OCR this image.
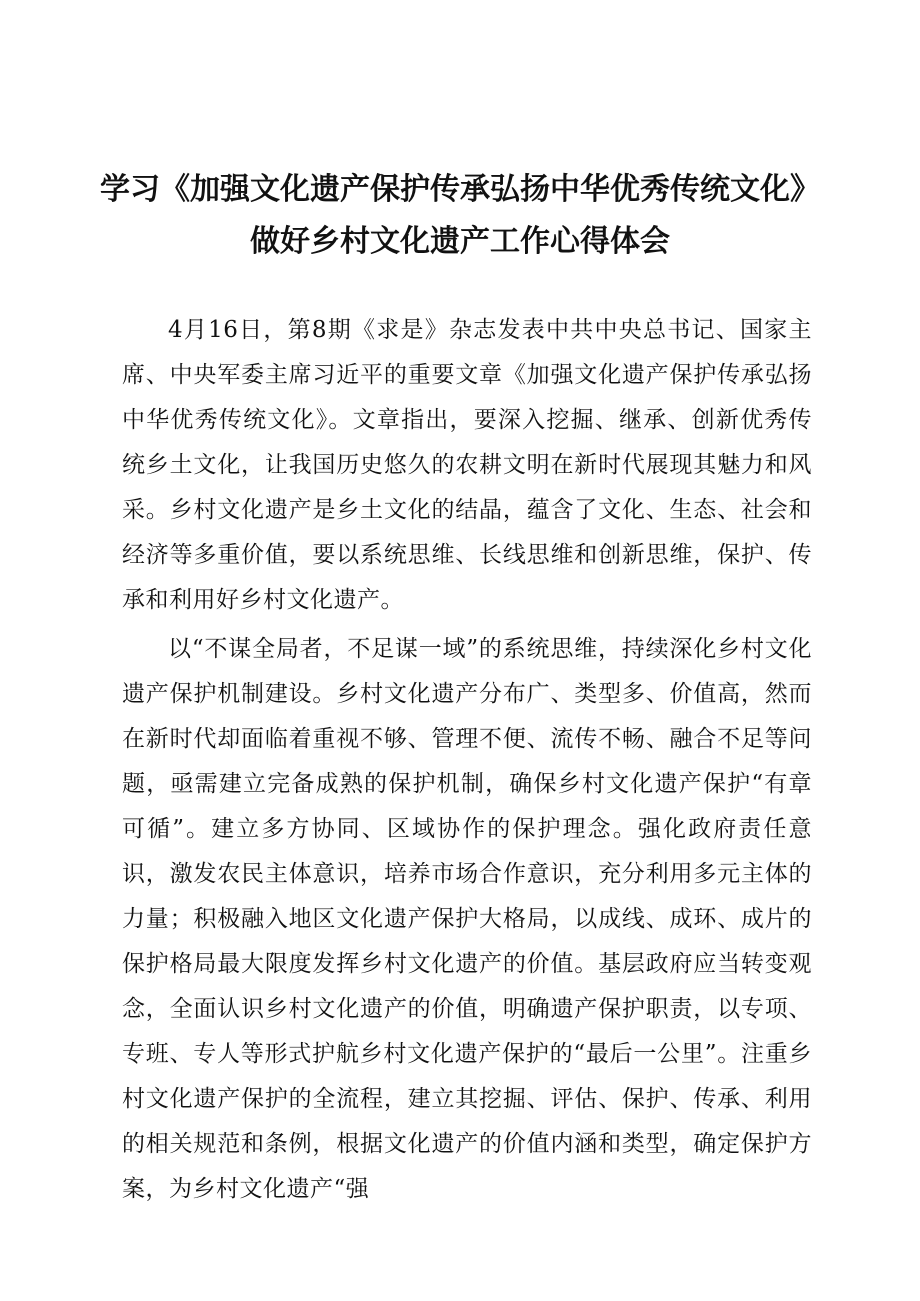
学习《加强文化遗产保护传承弘扬中华优秀传统文化》

做好乡村文化遗产工作心得体会

4月16日，第8期《求是》杂志发表中共中央总书记、国家主席、中央军委主席习近平的重要文章《加强文化遗产保护传承弘扬中华优秀传统文化》。文章指出，要深入挖掘、继承、创新优秀传统乡土文化，让我国历史悠久的农耕文明在新时代展现其魅力和风采。乡村文化遗产是乡土文化的结晶，蕴含了文化、生态、社会和经济等多重价值，要以系统思维、长线思维和创新思维，保护、传承和利用好乡村文化遗产。

以“不谋全局者，不足谋一域”的系统思维，持续深化乡村文化遗产保护机制建设。乡村文化遗产分布广、类型多、价值高，然而在新时代却面临着重视不够、管理不便、流传不畅、融合不足等问题，亟需建立完备成熟的保护机制，确保乡村文化遗产保护“有章可循”。建立多方协同、区域协作的保护理念。强化政府责任意识，激发农民主体意识，培养市场合作意识，充分利用多元主体的力量；积极融入地区文化遗产保护大格局，以成线、成环、成片的保护格局最大限度发挥乡村文化遗产的价值。基层政府应当转变观念，全面认识乡村文化遗产的价值，明确遗产保护职责，以专项、专班、专人等形式护航乡村文化遗产保护的“最后一公里”。注重乡村文化遗产保护的全流程，建立其挖掘、评估、保护、传承、利用的相关规范和条例，根据文化遗产的价值内涵和类型，确定保护方案，为乡村文化遗产“强
